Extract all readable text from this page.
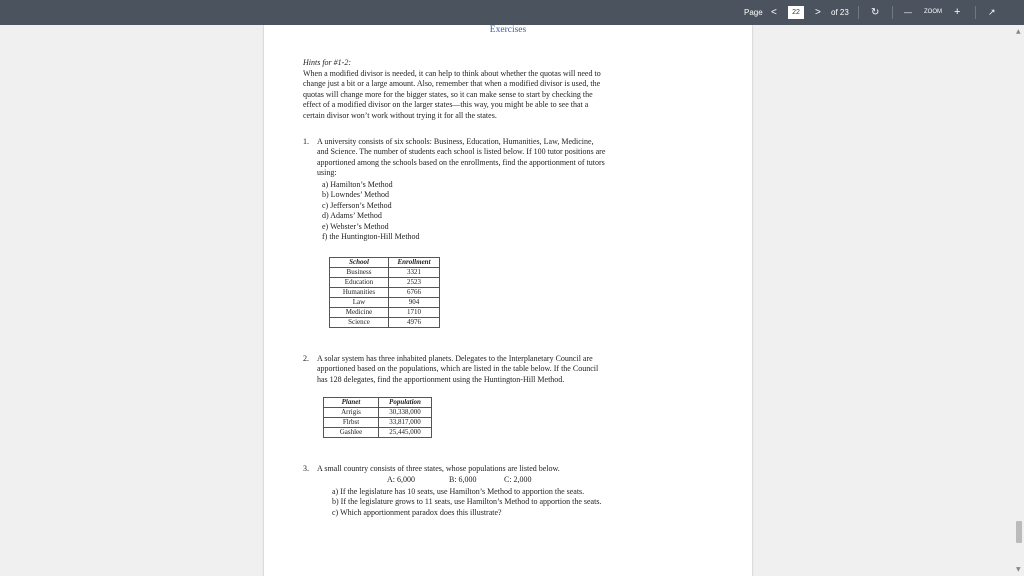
Page <	22	> of 23 ↻	— ZOOM +	↗
Exercises
Hints for #1-2:
When a modified divisor is needed, it can help to think about whether the quotas will need to
change just a bit or a large amount. Also, remember that when a modified divisor is used, the
quotas will change more for the bigger states, so it can make sense to start by checking the
effect of a modified divisor on the larger states—this way, you might be able to see that a
certain divisor won’t work without trying it for all the states.
1. A university consists of six schools: Business, Education, Humanities, Law, Medicine,
and Science. The number of students each school is listed below. If 100 tutor positions are
apportioned among the schools based on the enrollments, find the apportionment of tutors
using:
a) Hamilton’s Method
b) Lowndes’ Method
c) Jefferson’s Method
d) Adams’ Method
e) Webster’s Method
f) the Huntington-Hill Method
School	Enrollment
Business	3321
Education	2523
Humanities	6766
Law	904
Medicine	1710
Science	4976
2. A solar system has three inhabited planets. Delegates to the Interplanetary Council are
apportioned based on the populations, which are listed in the table below. If the Council
has 128 delegates, find the apportionment using the Huntington-Hill Method.
Planet	Population
Arrigis	30,338,000
Flrbst	33,817,000
Gashlee	25,445,000
3. A small country consists of three states, whose populations are listed below.
A: 6,000	B: 6,000	C: 2,000
a) If the legislature has 10 seats, use Hamilton’s Method to apportion the seats.
b) If the legislature grows to 11 seats, use Hamilton’s Method to apportion the seats.
c) Which apportionment paradox does this illustrate?
▲
▼
